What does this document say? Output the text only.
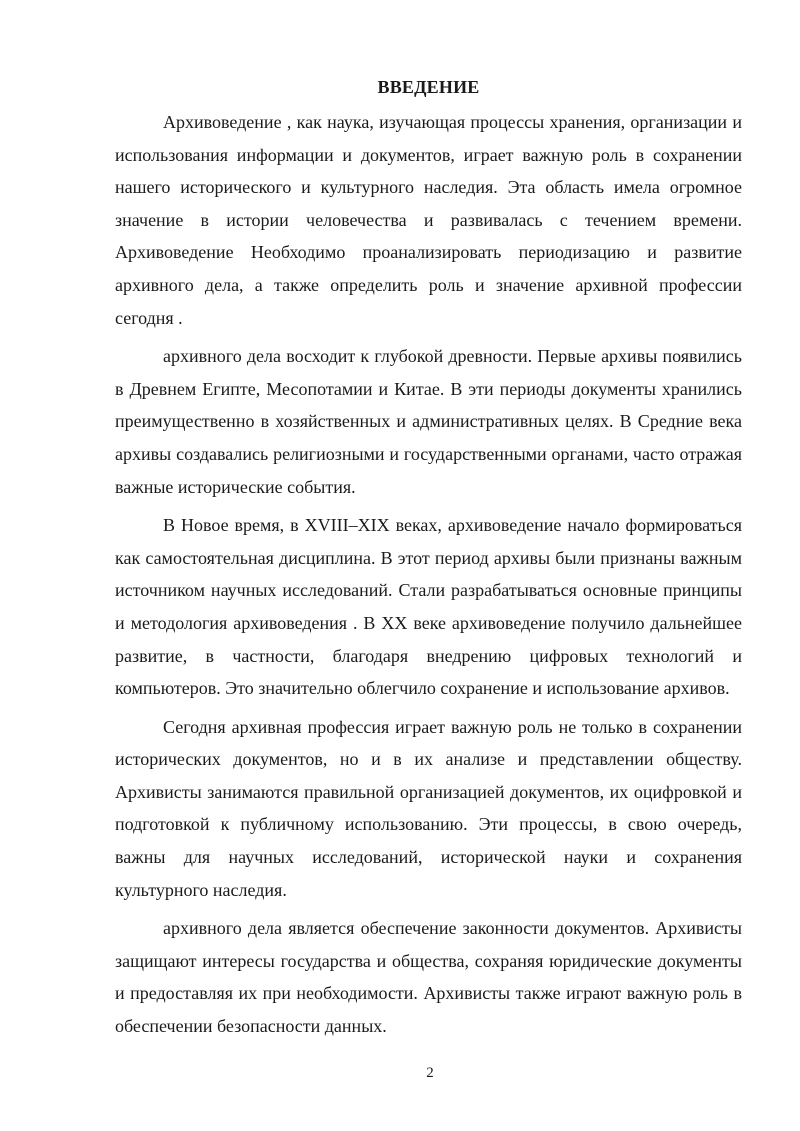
ВВЕДЕНИЕ

Архивоведение , как наука, изучающая процессы хранения, организации и использования информации и документов, играет важную роль в сохранении нашего исторического и культурного наследия. Эта область имела огромное значение в истории человечества и развивалась с течением времени. Архивоведение Необходимо проанализировать периодизацию и развитие архивного дела, а также определить роль и значение архивной профессии сегодня .

архивного дела восходит к глубокой древности. Первые архивы появились в Древнем Египте, Месопотамии и Китае. В эти периоды документы хранились преимущественно в хозяйственных и административных целях. В Средние века архивы создавались религиозными и государственными органами, часто отражая важные исторические события.

В Новое время, в XVIII–XIX веках, архивоведение начало формироваться как самостоятельная дисциплина. В этот период архивы были признаны важным источником научных исследований. Стали разрабатываться основные принципы и методология архивоведения . В XX веке архивоведение получило дальнейшее развитие, в частности, благодаря внедрению цифровых технологий и компьютеров. Это значительно облегчило сохранение и использование архивов.

Сегодня архивная профессия играет важную роль не только в сохранении исторических документов, но и в их анализе и представлении обществу. Архивисты занимаются правильной организацией документов, их оцифровкой и подготовкой к публичному использованию. Эти процессы, в свою очередь, важны для научных исследований, исторической науки и сохранения культурного наследия.

архивного дела является обеспечение законности документов. Архивисты защищают интересы государства и общества, сохраняя юридические документы и предоставляя их при необходимости. Архивисты также играют важную роль в обеспечении безопасности данных.

2
